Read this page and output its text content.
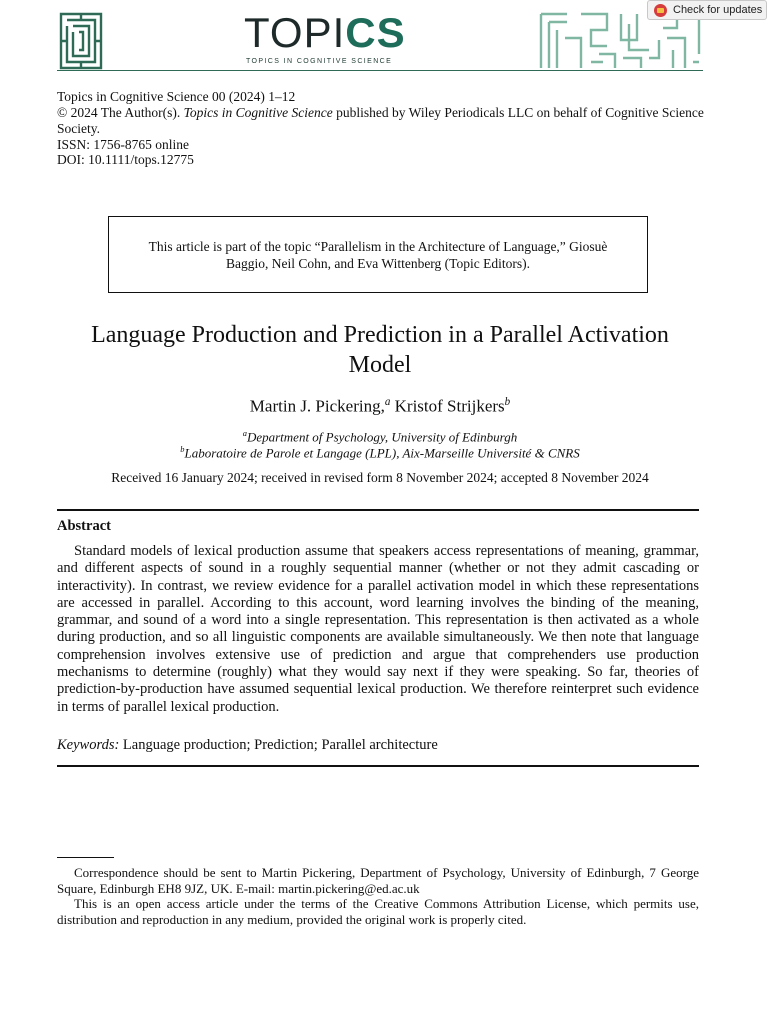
TOPICS
TOPICS IN COGNITIVE SCIENCE
Check for updates
Topics in Cognitive Science 00 (2024) 1–12
© 2024 The Author(s). Topics in Cognitive Science published by Wiley Periodicals LLC on behalf of Cognitive Science Society.
ISSN: 1756-8765 online
DOI: 10.1111/tops.12775
This article is part of the topic “Parallelism in the Architecture of Language,” Giosuè Baggio, Neil Cohn, and Eva Wittenberg (Topic Editors).
Language Production and Prediction in a Parallel Activation Model
Martin J. Pickering,$^a$ Kristof Strijkers$^b$
$^a$Department of Psychology, University of Edinburgh
$^b$Laboratoire de Parole et Langage (LPL), Aix-Marseille Université & CNRS
Received 16 January 2024; received in revised form 8 November 2024; accepted 8 November 2024
Abstract
Standard models of lexical production assume that speakers access representations of meaning, grammar, and different aspects of sound in a roughly sequential manner (whether or not they admit cascading or interactivity). In contrast, we review evidence for a parallel activation model in which these representations are accessed in parallel. According to this account, word learning involves the binding of the meaning, grammar, and sound of a word into a single representation. This representation is then activated as a whole during production, and so all linguistic components are available simultaneously. We then note that language comprehension involves extensive use of prediction and argue that comprehenders use production mechanisms to determine (roughly) what they would say next if they were speaking. So far, theories of prediction-by-production have assumed sequential lexical production. We therefore reinterpret such evidence in terms of parallel lexical production.
Keywords: Language production; Prediction; Parallel architecture
Correspondence should be sent to Martin Pickering, Department of Psychology, University of Edinburgh, 7 George Square, Edinburgh EH8 9JZ, UK. E-mail: martin.pickering@ed.ac.uk
This is an open access article under the terms of the Creative Commons Attribution License, which permits use, distribution and reproduction in any medium, provided the original work is properly cited.
